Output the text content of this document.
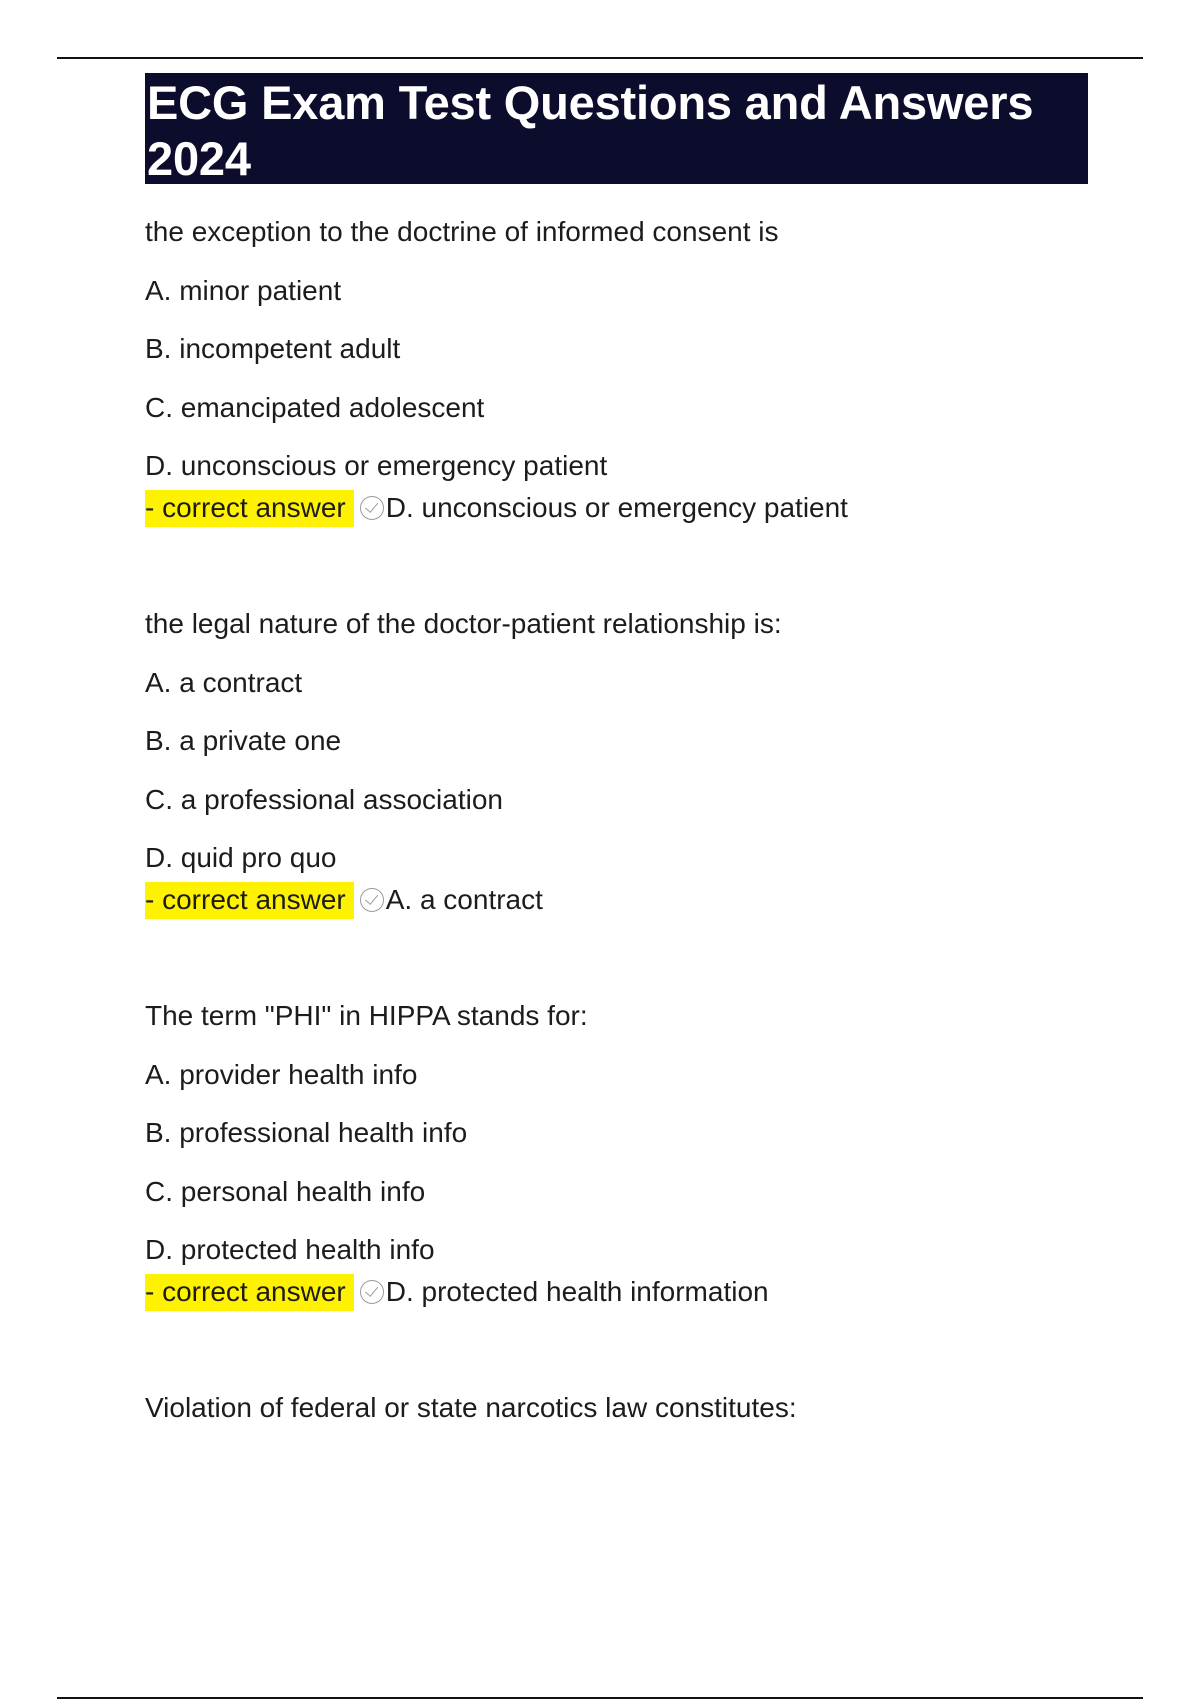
ECG Exam Test Questions and Answers 2024
the exception to the doctrine of informed consent is
A. minor patient
B. incompetent adult
C. emancipated adolescent
D. unconscious or emergency patient
- correct answer D. unconscious or emergency patient
the legal nature of the doctor-patient relationship is:
A. a contract
B. a private one
C. a professional association
D. quid pro quo
- correct answer A. a contract
The term "PHI" in HIPPA stands for:
A. provider health info
B. professional health info
C. personal health info
D. protected health info
- correct answer D. protected health information
Violation of federal or state narcotics law constitutes:
